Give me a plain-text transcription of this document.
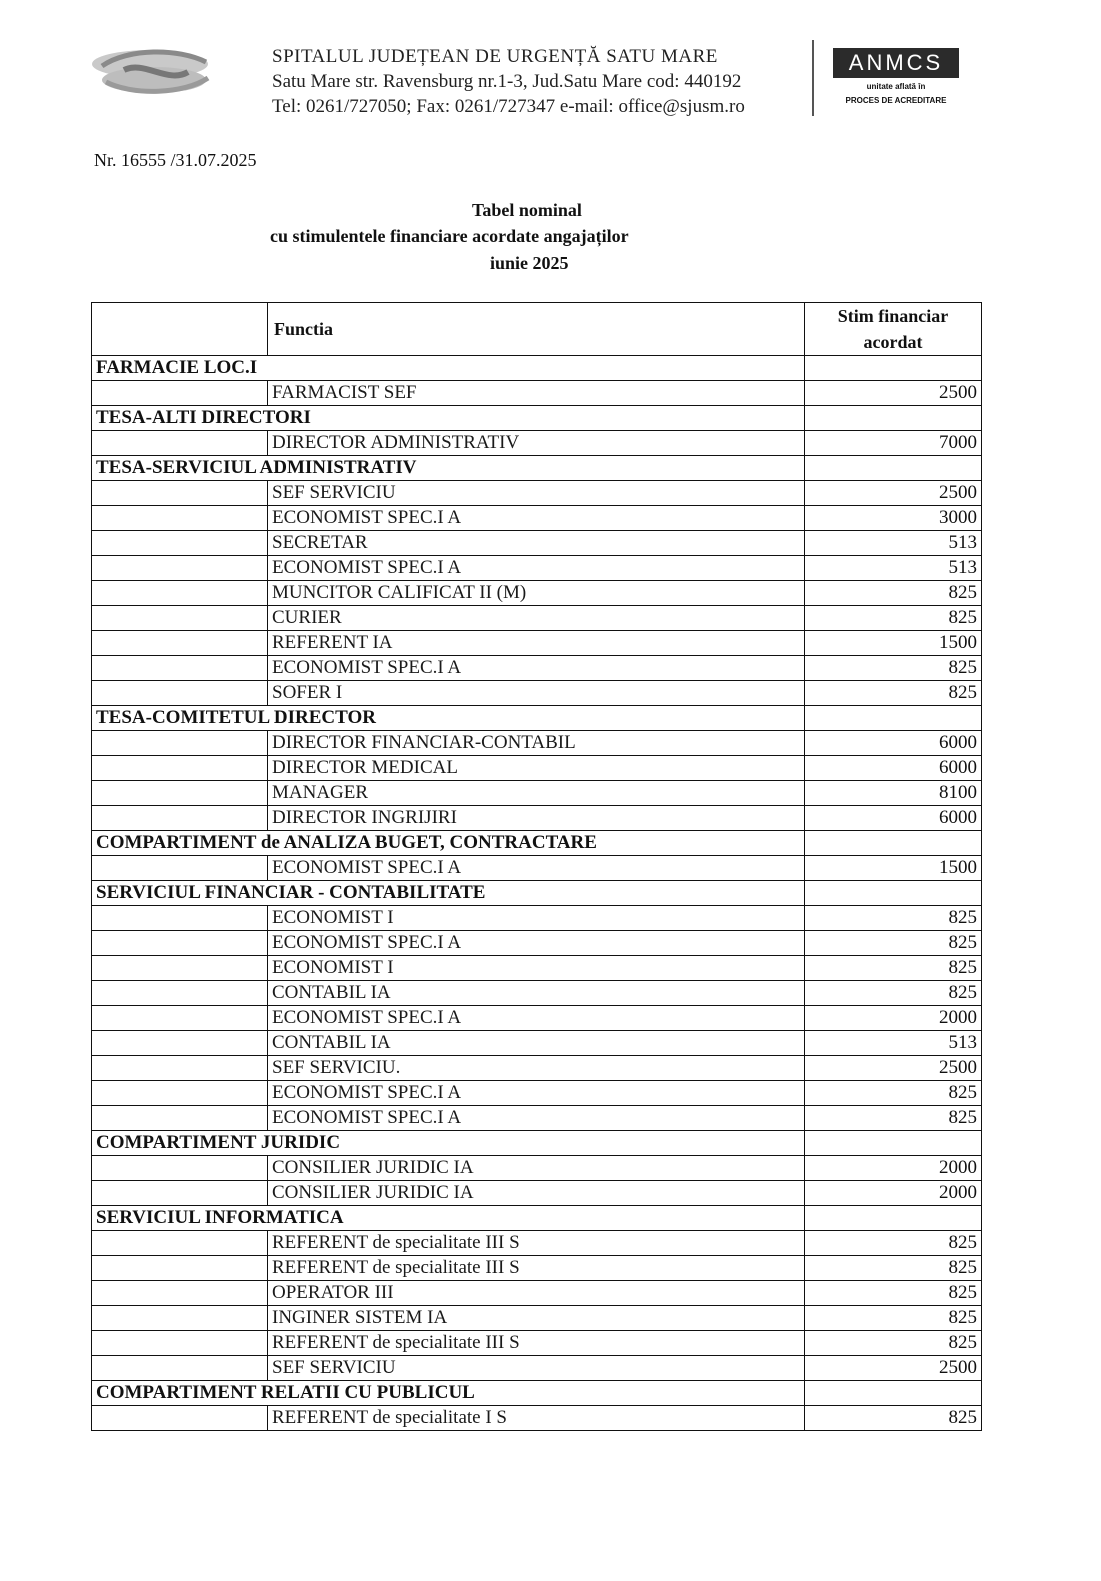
SPITALUL JUDEȚEAN DE URGENȚĂ SATU MARE
Satu Mare str. Ravensburg nr.1-3, Jud.Satu Mare cod: 440192
Tel: 0261/727050; Fax: 0261/727347 e-mail: office@sjusm.ro
ANMCS
unitate aflată în
PROCES DE ACREDITARE
Nr. 16555 /31.07.2025
Tabel nominal
cu stimulentele financiare acordate angajaților
iunie 2025
	Functia	Stim financiar
acordat

FARMACIE LOC.I		

	FARMACIST SEF	2500

TESA-ALTI DIRECTORI		

	DIRECTOR ADMINISTRATIV	7000

TESA-SERVICIUL ADMINISTRATIV		

	SEF SERVICIU	2500
	ECONOMIST SPEC.I A	3000
	SECRETAR	513
	ECONOMIST SPEC.I A	513
	MUNCITOR CALIFICAT II (M)	825
	CURIER	825
	REFERENT IA	1500
	ECONOMIST SPEC.I A	825
	SOFER I	825

TESA-COMITETUL DIRECTOR		

	DIRECTOR FINANCIAR-CONTABIL	6000
	DIRECTOR MEDICAL	6000
	MANAGER	8100
	DIRECTOR INGRIJIRI	6000

COMPARTIMENT de ANALIZA BUGET, CONTRACTARE		

	ECONOMIST SPEC.I A	1500

SERVICIUL FINANCIAR - CONTABILITATE		

	ECONOMIST I	825
	ECONOMIST SPEC.I A	825
	ECONOMIST I	825
	CONTABIL IA	825
	ECONOMIST SPEC.I A	2000
	CONTABIL IA	513
	SEF SERVICIU.	2500
	ECONOMIST SPEC.I A	825
	ECONOMIST SPEC.I A	825

COMPARTIMENT JURIDIC		

	CONSILIER JURIDIC IA	2000
	CONSILIER JURIDIC IA	2000

SERVICIUL INFORMATICA		

	REFERENT de specialitate III S	825
	REFERENT de specialitate III S	825
	OPERATOR III	825
	INGINER SISTEM IA	825
	REFERENT de specialitate III S	825
	SEF SERVICIU	2500

COMPARTIMENT RELATII CU PUBLICUL		

	REFERENT de specialitate I S	825
